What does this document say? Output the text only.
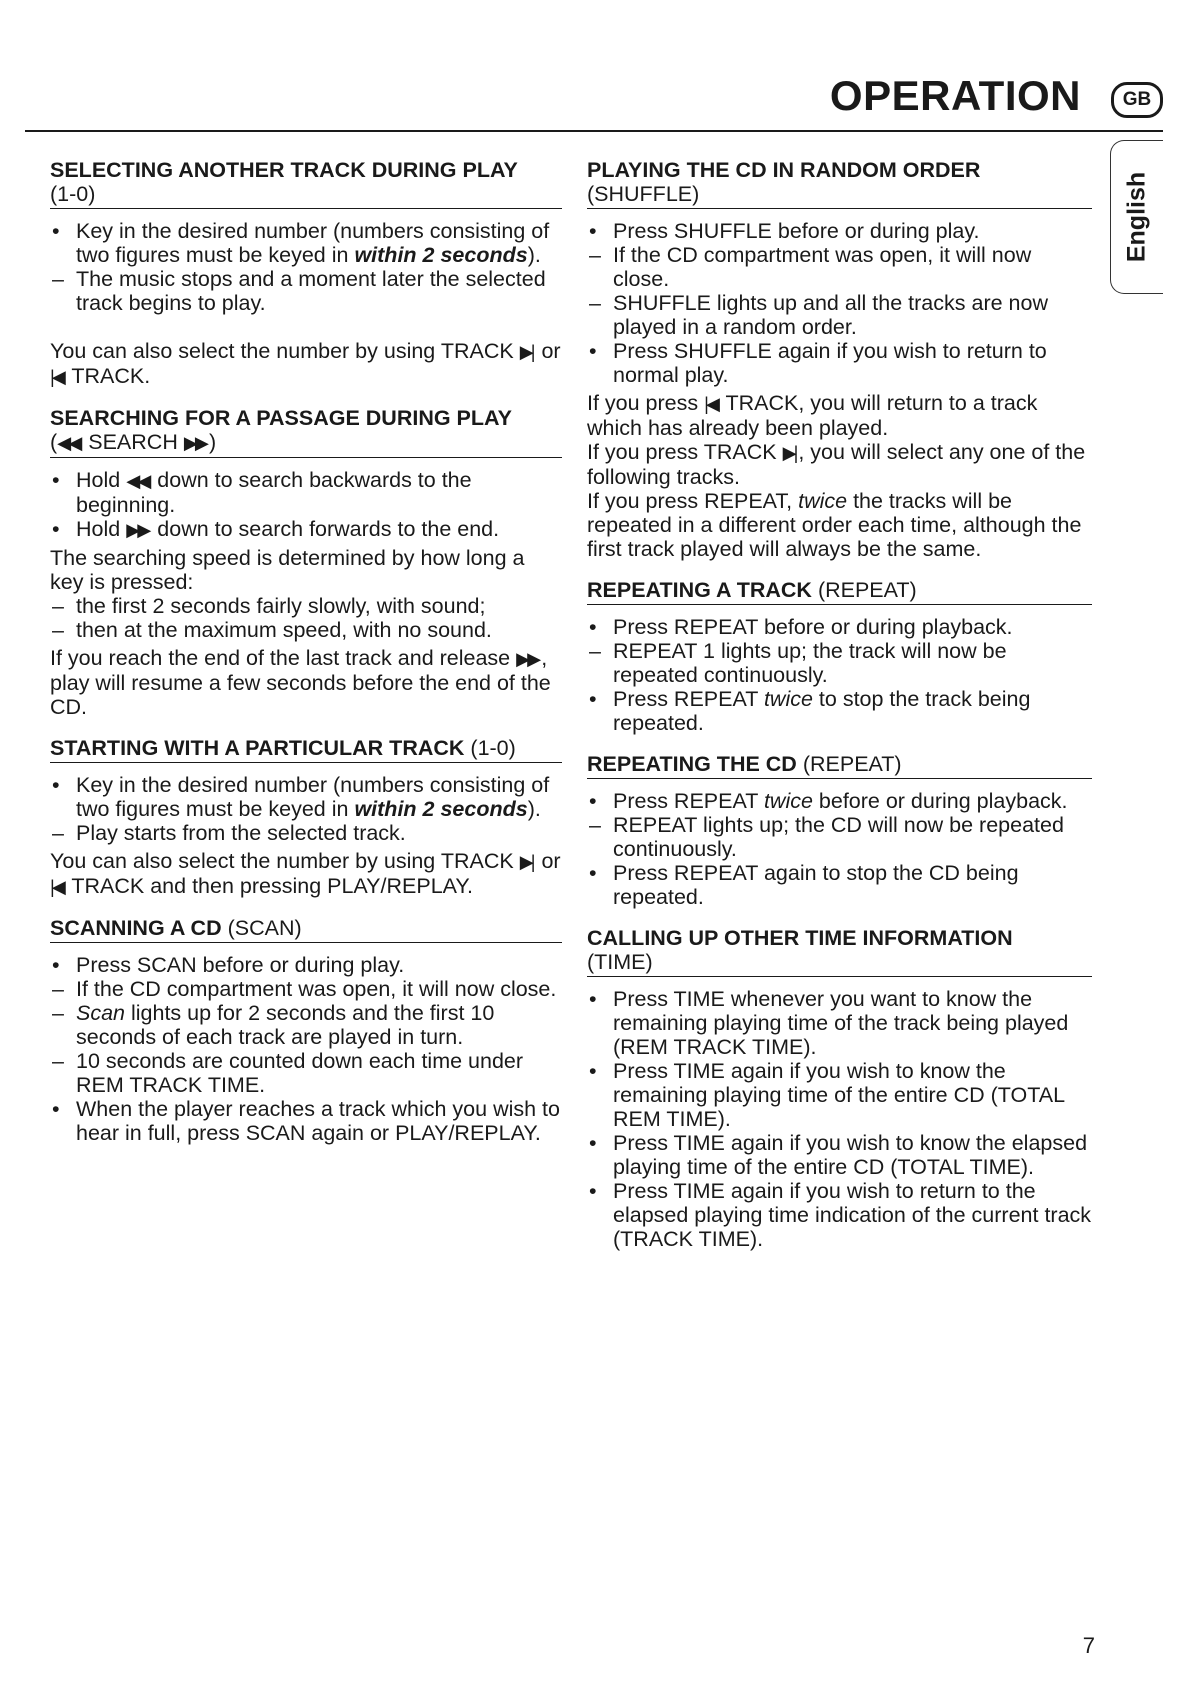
OPERATION	GB
English
SELECTING ANOTHER TRACK DURING PLAY
(1-0)
• Key in the desired number (numbers consisting of two figures must be keyed in within 2 seconds).
– The music stops and a moment later the selected track begins to play.
You can also select the number by using TRACK ▶| or |◀ TRACK.
SEARCHING FOR A PASSAGE DURING PLAY
(◀◀ SEARCH ▶▶ )
• Hold ◀◀ down to search backwards to the beginning.
• Hold ▶▶ down to search forwards to the end.
The searching speed is determined by how long a key is pressed:
– the first 2 seconds fairly slowly, with sound;
– then at the maximum speed, with no sound.
If you reach the end of the last track and release ▶▶ , play will resume a few seconds before the end of the CD.
STARTING WITH A PARTICULAR TRACK (1-0)
• Key in the desired number (numbers consisting of two figures must be keyed in within 2 seconds).
– Play starts from the selected track.
You can also select the number by using TRACK ▶| or |◀ TRACK and then pressing PLAY/REPLAY.
SCANNING A CD (SCAN)
• Press SCAN before or during play.
– If the CD compartment was open, it will now close.
– Scan lights up for 2 seconds and the first 10 seconds of each track are played in turn.
– 10 seconds are counted down each time under REM TRACK TIME.
• When the player reaches a track which you wish to hear in full, press SCAN again or PLAY/REPLAY.
PLAYING THE CD IN RANDOM ORDER
(SHUFFLE)
• Press SHUFFLE before or during play.
– If the CD compartment was open, it will now close.
– SHUFFLE lights up and all the tracks are now played in a random order.
• Press SHUFFLE again if you wish to return to normal play.
If you press |◀ TRACK, you will return to a track which has already been played.
If you press TRACK ▶| , you will select any one of the following tracks.
If you press REPEAT, twice the tracks will be repeated in a different order each time, although the first track played will always be the same.
REPEATING A TRACK (REPEAT)
• Press REPEAT before or during playback.
– REPEAT 1 lights up; the track will now be repeated continuously.
• Press REPEAT twice to stop the track being repeated.
REPEATING THE CD (REPEAT)
• Press REPEAT twice before or during playback.
– REPEAT lights up; the CD will now be repeated continuously.
• Press REPEAT again to stop the CD being repeated.
CALLING UP OTHER TIME INFORMATION
(TIME)
• Press TIME whenever you want to know the remaining playing time of the track being played (REM TRACK TIME).
• Press TIME again if you wish to know the remaining playing time of the entire CD (TOTAL REM TIME).
• Press TIME again if you wish to know the elapsed playing time of the entire CD (TOTAL TIME).
• Press TIME again if you wish to return to the elapsed playing time indication of the current track (TRACK TIME).
7
